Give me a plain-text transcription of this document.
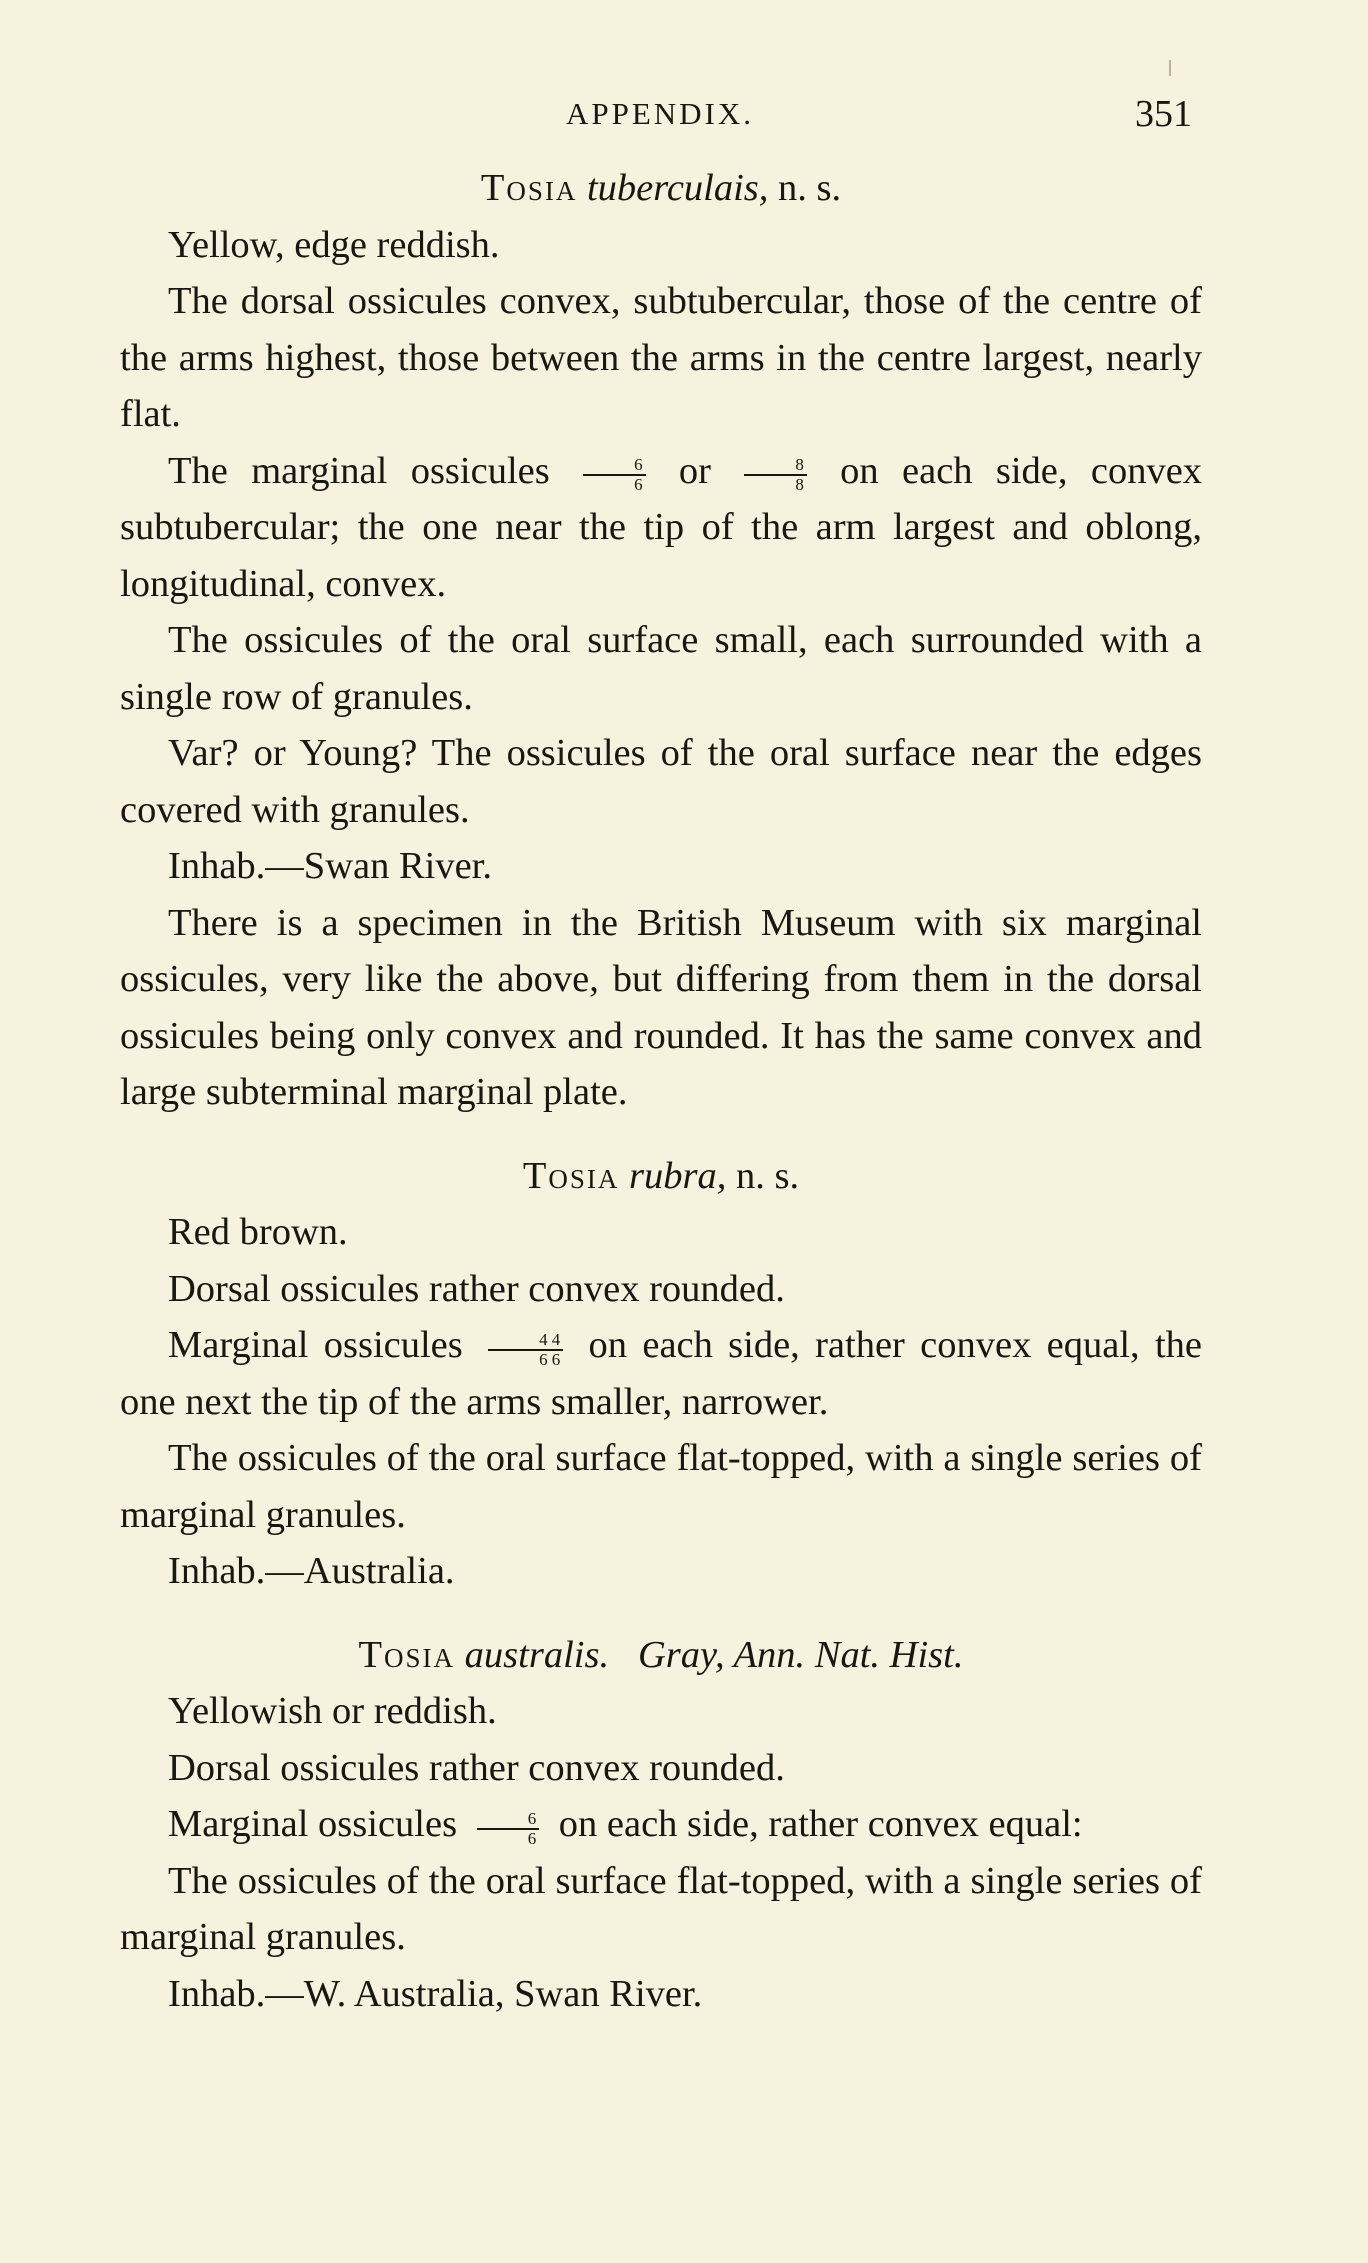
APPENDIX.	351
Tosia tuberculais, n. s.
Yellow, edge reddish.
The dorsal ossicules convex, subtubercular, those of the centre of the arms highest, those between the arms in the centre largest, nearly flat.
The marginal ossicules $\frac{6}{6}$ or $\frac{8}{8}$ on each side, convex subtubercular; the one near the tip of the arm largest and oblong, longitudinal, convex.
The ossicules of the oral surface small, each surrounded with a single row of granules.
Var? or Young? The ossicules of the oral surface near the edges covered with granules.
Inhab.—Swan River.
There is a specimen in the British Museum with six marginal ossicules, very like the above, but differing from them in the dorsal ossicules being only convex and rounded. It has the same convex and large subterminal marginal plate.
Tosia rubra, n. s.
Red brown.
Dorsal ossicules rather convex rounded.
Marginal ossicules $\frac{4 4}{6 6}$ on each side, rather convex equal, the one next the tip of the arms smaller, narrower.
The ossicules of the oral surface flat-topped, with a single series of marginal granules.
Inhab.—Australia.
Tosia australis. Gray, Ann. Nat. Hist.
Yellowish or reddish.
Dorsal ossicules rather convex rounded.
Marginal ossicules $\frac{6}{6}$ on each side, rather convex equal:
The ossicules of the oral surface flat-topped, with a single series of marginal granules.
Inhab.—W. Australia, Swan River.
